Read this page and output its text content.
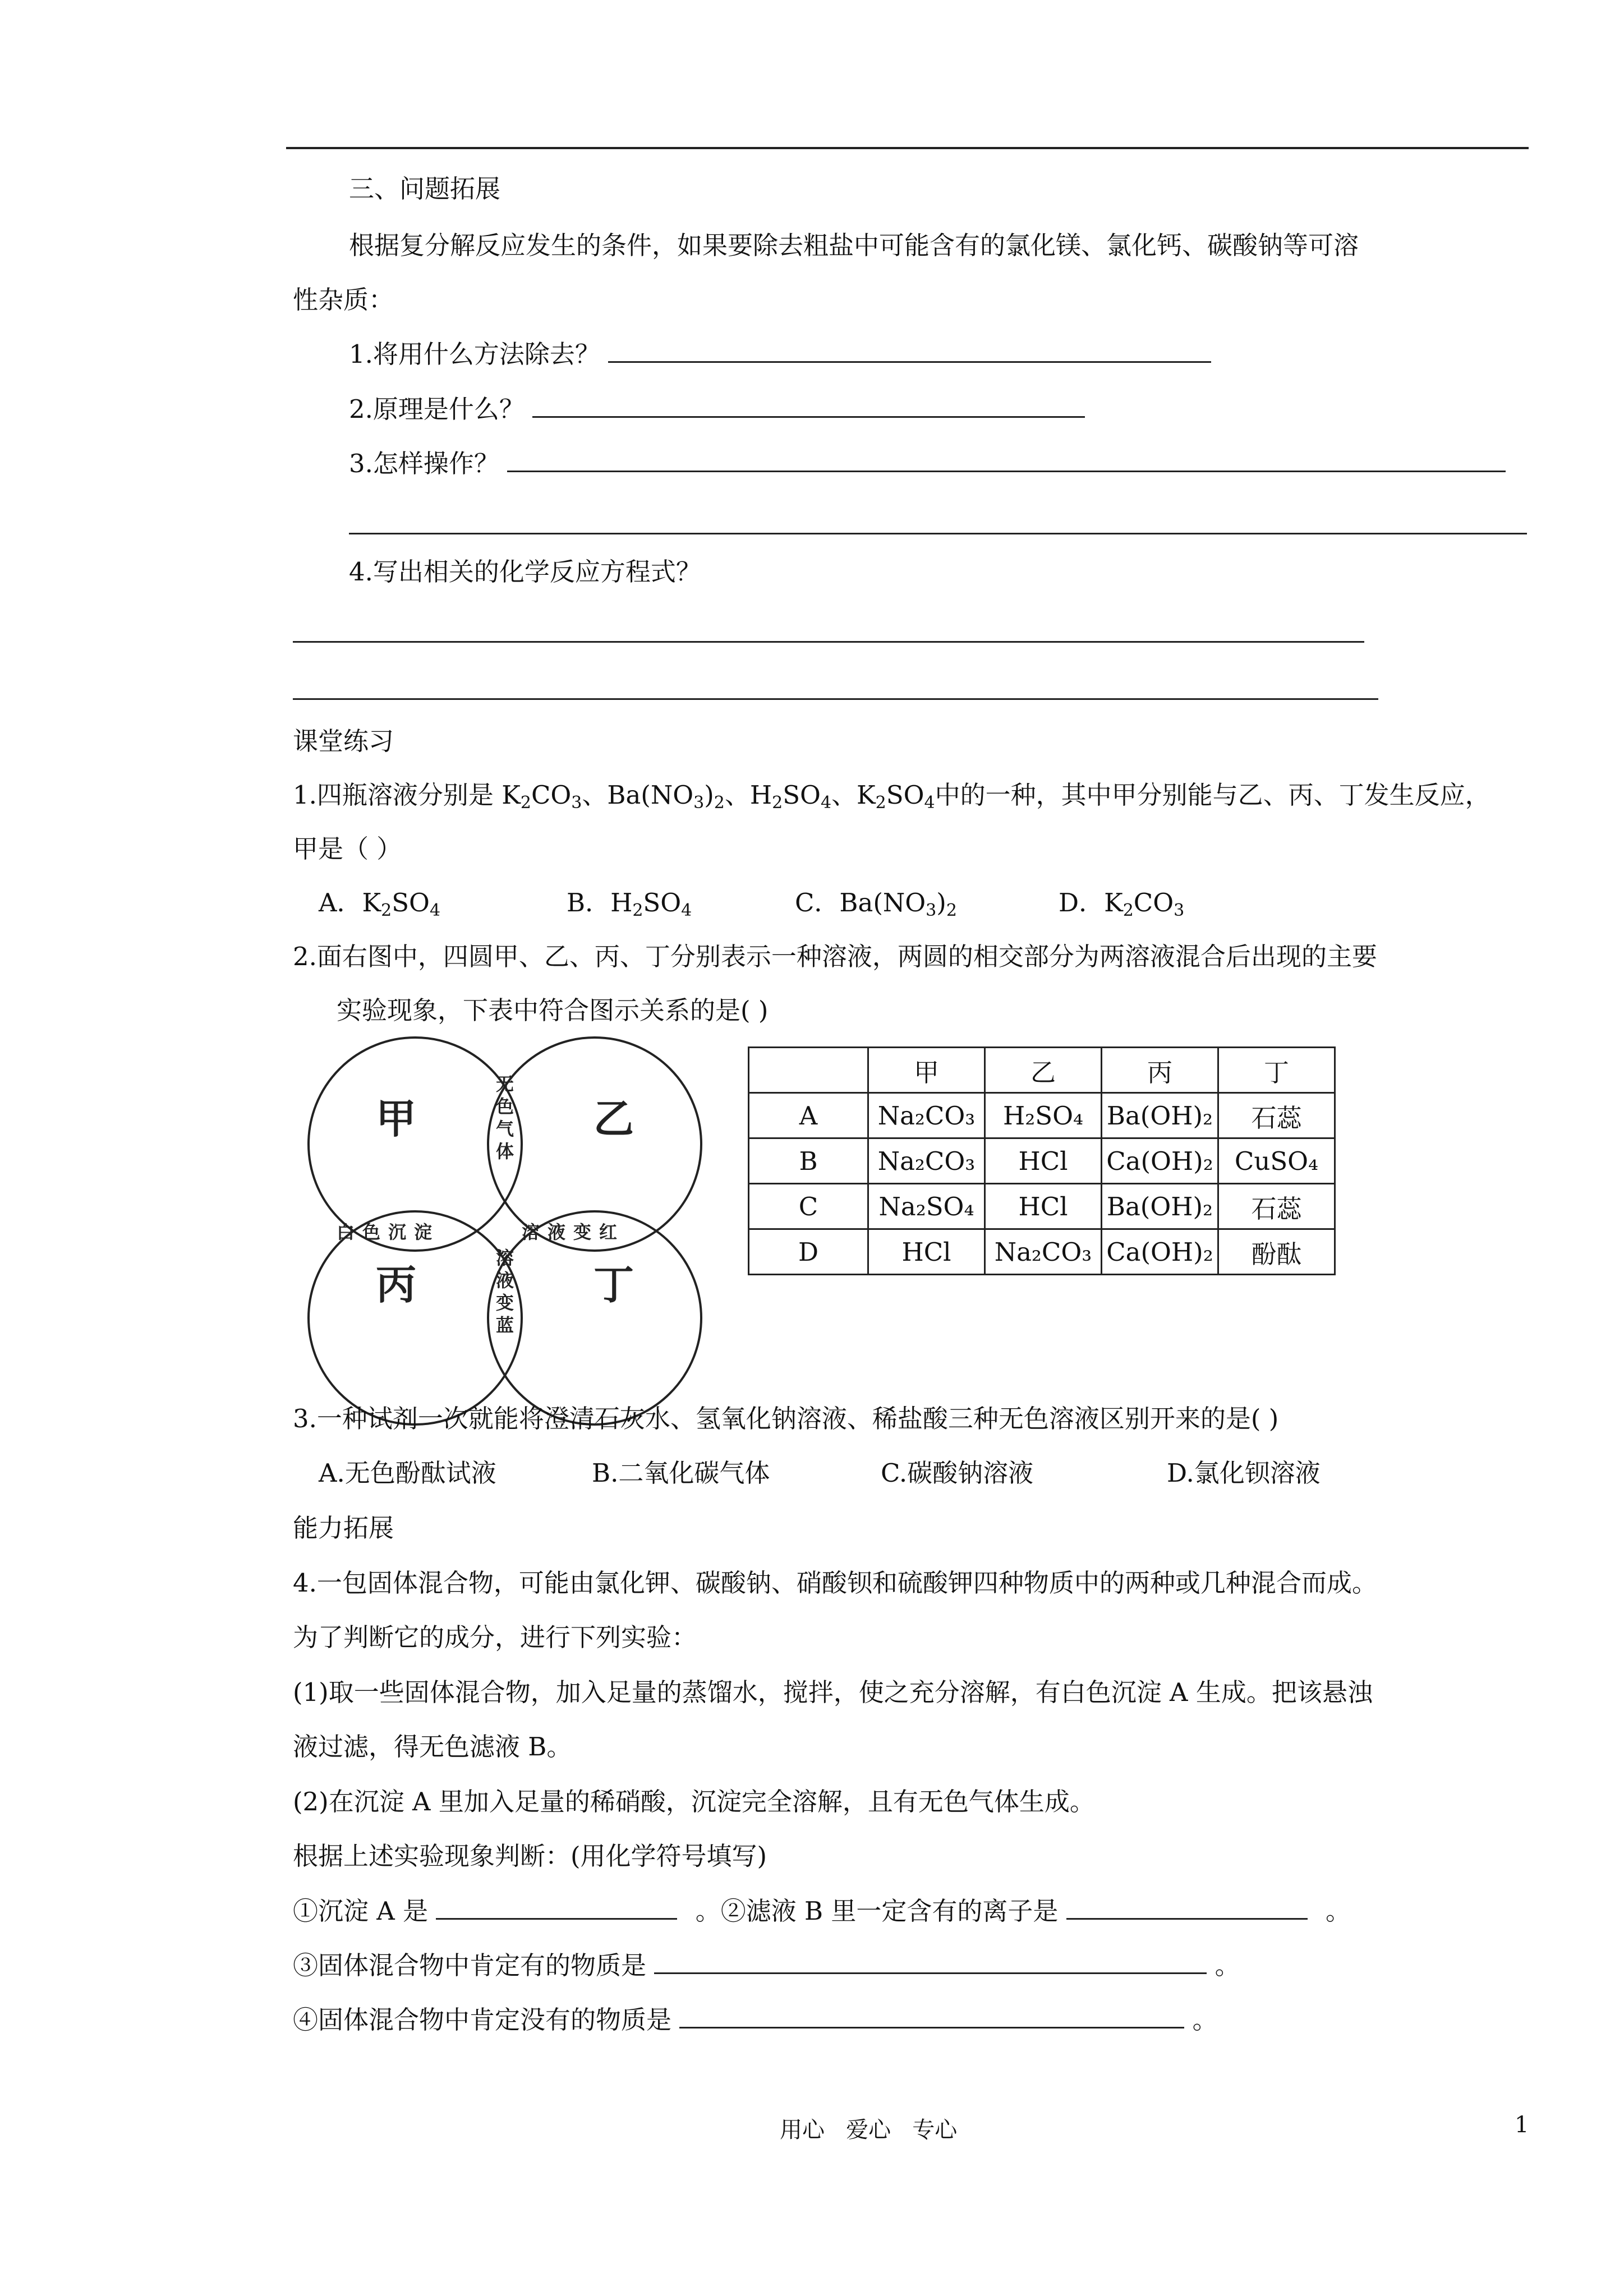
三、问题拓展
根据复分解反应发生的条件，如果要除去粗盐中可能含有的氯化镁、氯化钙、碳酸钠等可溶
性杂质：
1.将用什么方法除去？
2.原理是什么？
3.怎样操作？
4.写出相关的化学反应方程式？
课堂练习
1.四瓶溶液分别是 $K_2CO_3$、$Ba(NO_3)_2$、$H_2SO_4$、$K_2SO_4$中的一种，其中甲分别能与乙、丙、丁发生反应，
甲是（ ）
A．$K_2SO_4$	B．$H_2SO_4$	C．$Ba(NO_3)_2$	D．$K_2CO_3$
2.面右图中，四圆甲、乙、丙、丁分别表示一种溶液，两圆的相交部分为两溶液混合后出现的主要
实验现象，下表中符合图示关系的是( )
甲	乙
丙	丁
无
色
气
体
溶
液
变
蓝
白色沉淀	溶液变红
	甲	乙	丙	丁
A	Na₂CO₃	H₂SO₄	Ba(OH)₂	石蕊
B	Na₂CO₃	HCl	Ca(OH)₂	CuSO₄
C	Na₂SO₄	HCl	Ba(OH)₂	石蕊
D	HCl	Na₂CO₃	Ca(OH)₂	酚酞
3.一种试剂一次就能将澄清石灰水、氢氧化钠溶液、稀盐酸三种无色溶液区别开来的是( )
A.无色酚酞试液	B.二氧化碳气体	C.碳酸钠溶液	D.氯化钡溶液
能力拓展
4.一包固体混合物，可能由氯化钾、碳酸钠、硝酸钡和硫酸钾四种物质中的两种或几种混合而成。
为了判断它的成分，进行下列实验：
(1)取一些固体混合物，加入足量的蒸馏水，搅拌，使之充分溶解，有白色沉淀 A 生成。把该悬浊
液过滤，得无色滤液 B。
(2)在沉淀 A 里加入足量的稀硝酸，沉淀完全溶解，且有无色气体生成。
根据上述实验现象判断：(用化学符号填写)
①沉淀 A 是	。②滤液 B 里一定含有的离子是	。
③固体混合物中肯定有的物质是	。
④固体混合物中肯定没有的物质是	。
用心   爱心   专心	1
